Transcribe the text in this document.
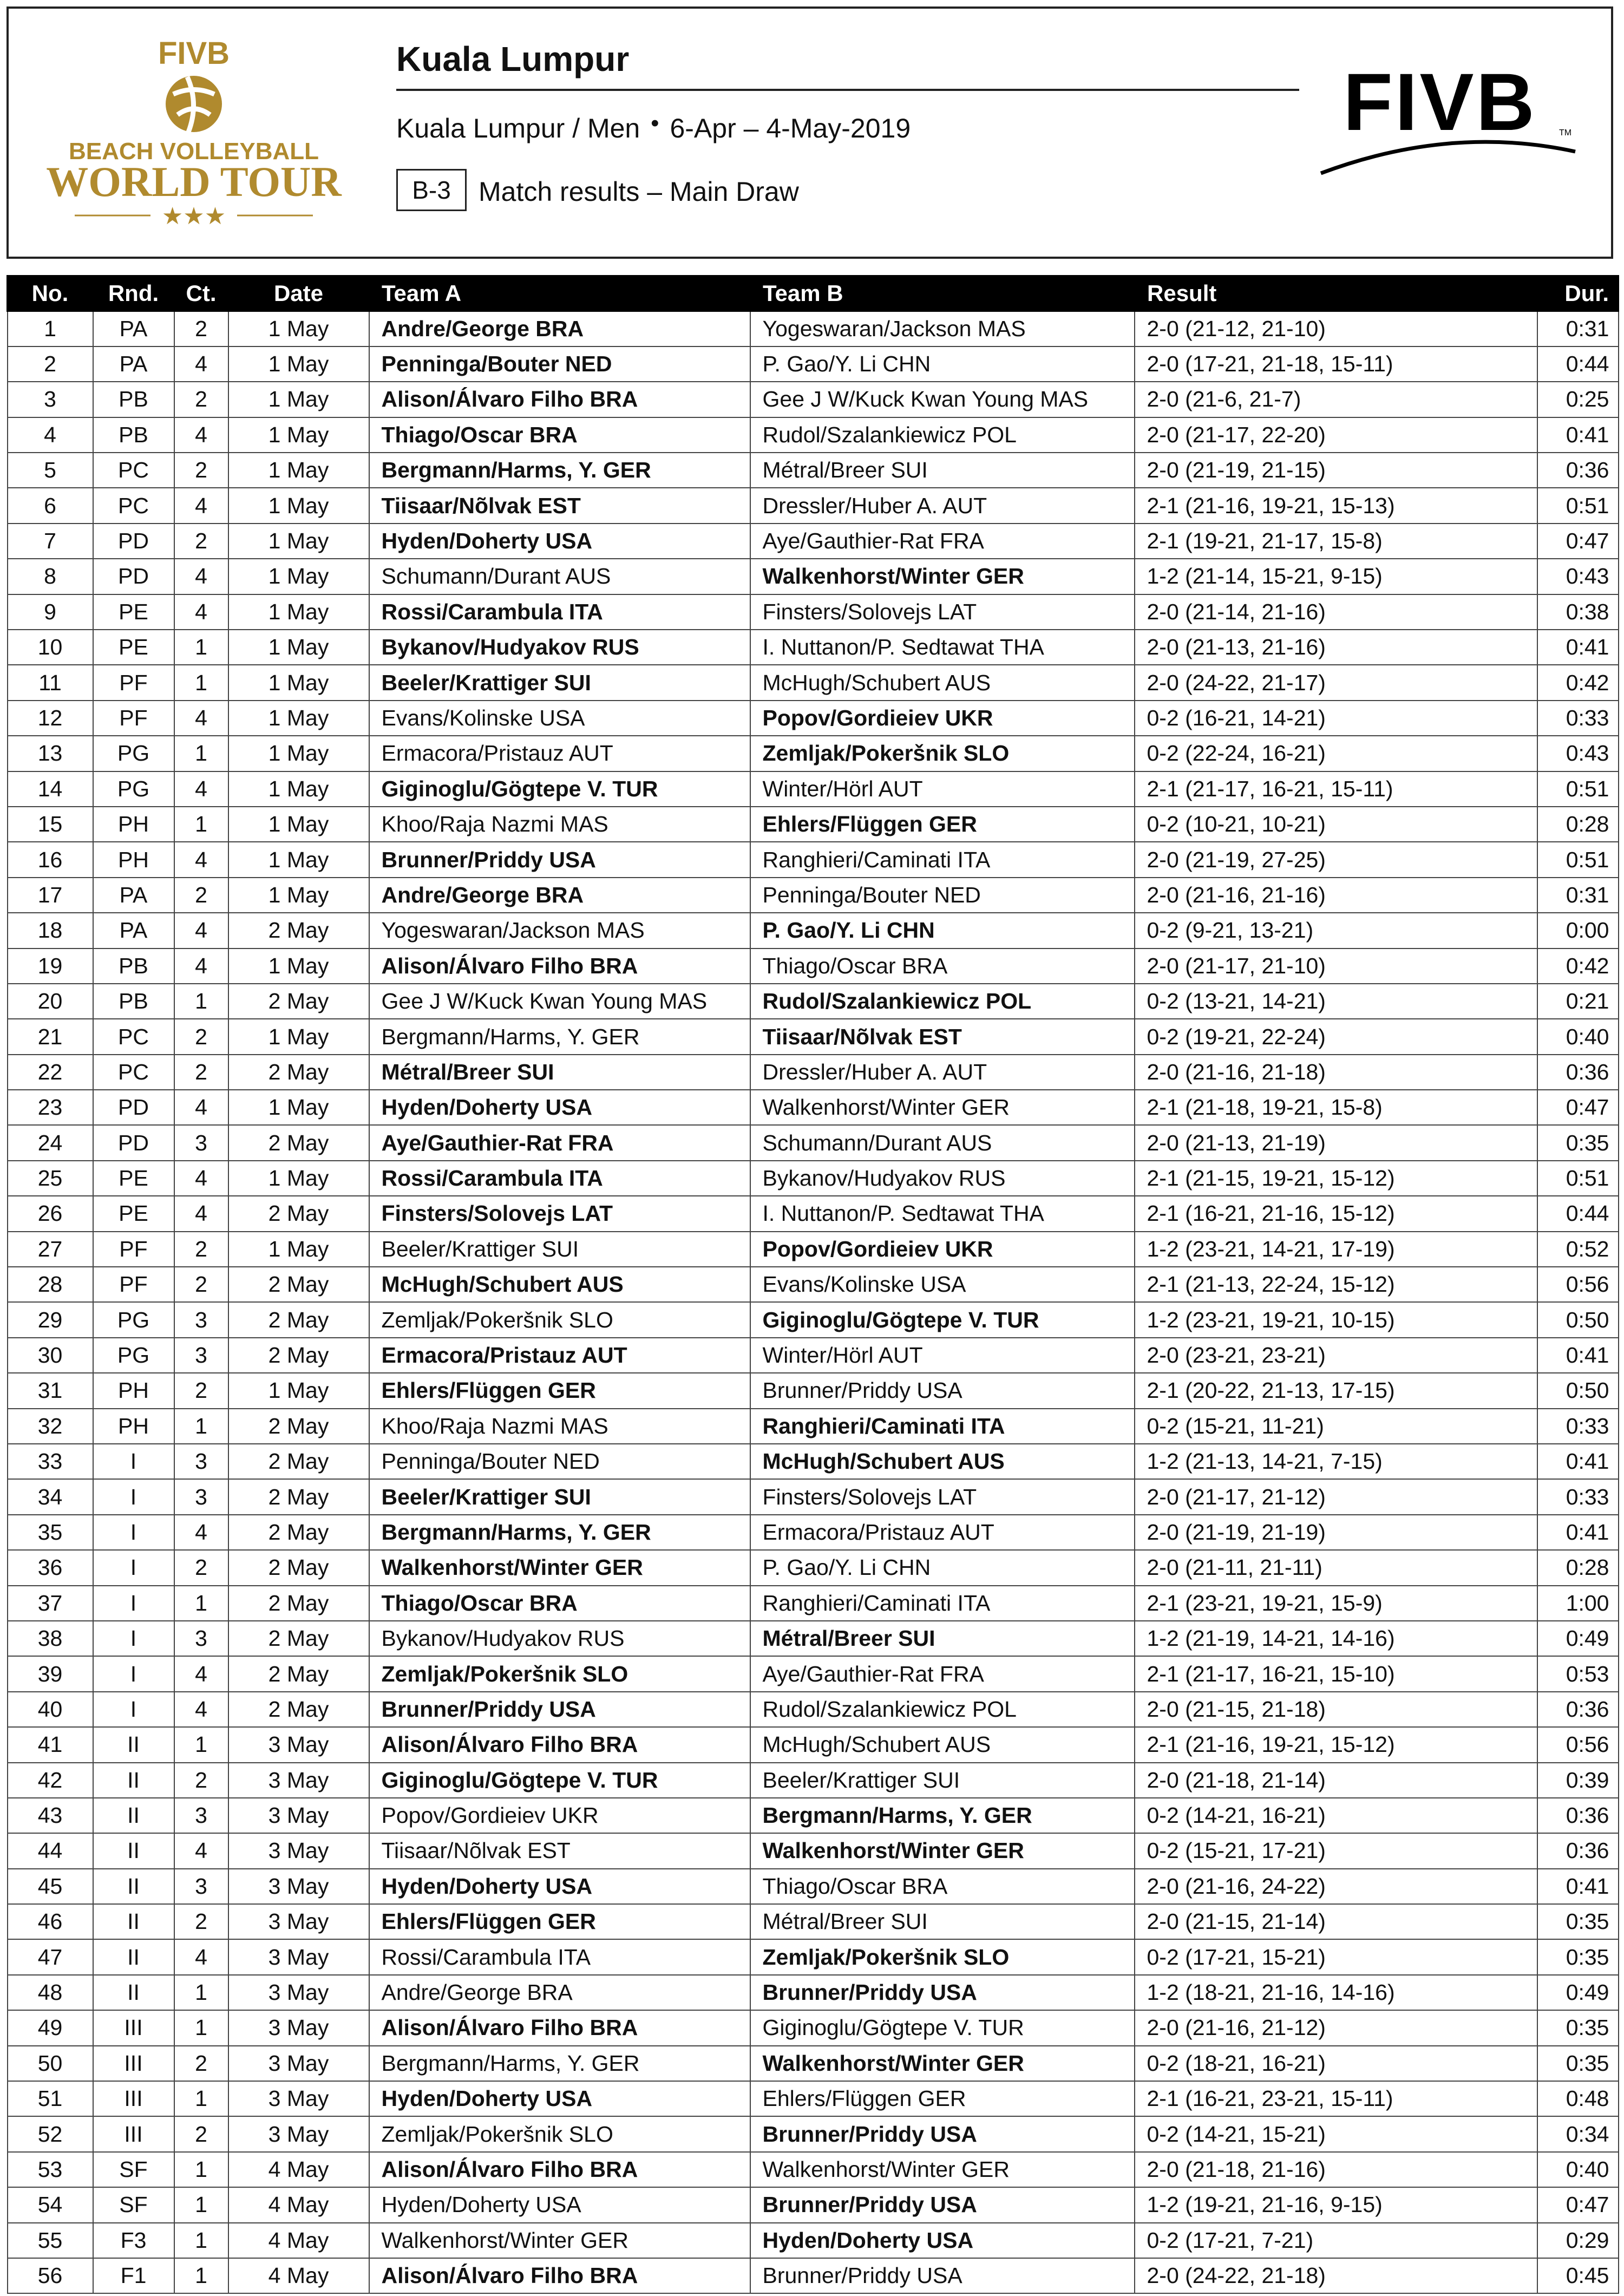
FIVB
BEACH VOLLEYBALL
WORLD TOUR
★★★
Kuala Lumpur
Kuala Lumpur / Men • 6-Apr – 4-May-2019
B-3	Match results – Main Draw
FIVB	TM
No.	Rnd.	Ct.	Date	Team A	Team B	Result	Dur.
1	PA	2	1 May	Andre/George BRA	Yogeswaran/Jackson MAS	2-0 (21-12, 21-10)	0:31
2	PA	4	1 May	Penninga/Bouter NED	P. Gao/Y. Li CHN	2-0 (17-21, 21-18, 15-11)	0:44
3	PB	2	1 May	Alison/Álvaro Filho BRA	Gee J W/Kuck Kwan Young MAS	2-0 (21-6, 21-7)	0:25
4	PB	4	1 May	Thiago/Oscar BRA	Rudol/Szalankiewicz POL	2-0 (21-17, 22-20)	0:41
5	PC	2	1 May	Bergmann/Harms, Y. GER	Métral/Breer SUI	2-0 (21-19, 21-15)	0:36
6	PC	4	1 May	Tiisaar/Nõlvak EST	Dressler/Huber A. AUT	2-1 (21-16, 19-21, 15-13)	0:51
7	PD	2	1 May	Hyden/Doherty USA	Aye/Gauthier-Rat FRA	2-1 (19-21, 21-17, 15-8)	0:47
8	PD	4	1 May	Schumann/Durant AUS	Walkenhorst/Winter GER	1-2 (21-14, 15-21, 9-15)	0:43
9	PE	4	1 May	Rossi/Carambula ITA	Finsters/Solovejs LAT	2-0 (21-14, 21-16)	0:38
10	PE	1	1 May	Bykanov/Hudyakov RUS	I. Nuttanon/P. Sedtawat THA	2-0 (21-13, 21-16)	0:41
11	PF	1	1 May	Beeler/Krattiger SUI	McHugh/Schubert AUS	2-0 (24-22, 21-17)	0:42
12	PF	4	1 May	Evans/Kolinske USA	Popov/Gordieiev UKR	0-2 (16-21, 14-21)	0:33
13	PG	1	1 May	Ermacora/Pristauz AUT	Zemljak/Pokeršnik SLO	0-2 (22-24, 16-21)	0:43
14	PG	4	1 May	Giginoglu/Gögtepe V. TUR	Winter/Hörl AUT	2-1 (21-17, 16-21, 15-11)	0:51
15	PH	1	1 May	Khoo/Raja Nazmi MAS	Ehlers/Flüggen GER	0-2 (10-21, 10-21)	0:28
16	PH	4	1 May	Brunner/Priddy USA	Ranghieri/Caminati ITA	2-0 (21-19, 27-25)	0:51
17	PA	2	1 May	Andre/George BRA	Penninga/Bouter NED	2-0 (21-16, 21-16)	0:31
18	PA	4	2 May	Yogeswaran/Jackson MAS	P. Gao/Y. Li CHN	0-2 (9-21, 13-21)	0:00
19	PB	4	1 May	Alison/Álvaro Filho BRA	Thiago/Oscar BRA	2-0 (21-17, 21-10)	0:42
20	PB	1	2 May	Gee J W/Kuck Kwan Young MAS	Rudol/Szalankiewicz POL	0-2 (13-21, 14-21)	0:21
21	PC	2	1 May	Bergmann/Harms, Y. GER	Tiisaar/Nõlvak EST	0-2 (19-21, 22-24)	0:40
22	PC	2	2 May	Métral/Breer SUI	Dressler/Huber A. AUT	2-0 (21-16, 21-18)	0:36
23	PD	4	1 May	Hyden/Doherty USA	Walkenhorst/Winter GER	2-1 (21-18, 19-21, 15-8)	0:47
24	PD	3	2 May	Aye/Gauthier-Rat FRA	Schumann/Durant AUS	2-0 (21-13, 21-19)	0:35
25	PE	4	1 May	Rossi/Carambula ITA	Bykanov/Hudyakov RUS	2-1 (21-15, 19-21, 15-12)	0:51
26	PE	4	2 May	Finsters/Solovejs LAT	I. Nuttanon/P. Sedtawat THA	2-1 (16-21, 21-16, 15-12)	0:44
27	PF	2	1 May	Beeler/Krattiger SUI	Popov/Gordieiev UKR	1-2 (23-21, 14-21, 17-19)	0:52
28	PF	2	2 May	McHugh/Schubert AUS	Evans/Kolinske USA	2-1 (21-13, 22-24, 15-12)	0:56
29	PG	3	2 May	Zemljak/Pokeršnik SLO	Giginoglu/Gögtepe V. TUR	1-2 (23-21, 19-21, 10-15)	0:50
30	PG	3	2 May	Ermacora/Pristauz AUT	Winter/Hörl AUT	2-0 (23-21, 23-21)	0:41
31	PH	2	1 May	Ehlers/Flüggen GER	Brunner/Priddy USA	2-1 (20-22, 21-13, 17-15)	0:50
32	PH	1	2 May	Khoo/Raja Nazmi MAS	Ranghieri/Caminati ITA	0-2 (15-21, 11-21)	0:33
33	I	3	2 May	Penninga/Bouter NED	McHugh/Schubert AUS	1-2 (21-13, 14-21, 7-15)	0:41
34	I	3	2 May	Beeler/Krattiger SUI	Finsters/Solovejs LAT	2-0 (21-17, 21-12)	0:33
35	I	4	2 May	Bergmann/Harms, Y. GER	Ermacora/Pristauz AUT	2-0 (21-19, 21-19)	0:41
36	I	2	2 May	Walkenhorst/Winter GER	P. Gao/Y. Li CHN	2-0 (21-11, 21-11)	0:28
37	I	1	2 May	Thiago/Oscar BRA	Ranghieri/Caminati ITA	2-1 (23-21, 19-21, 15-9)	1:00
38	I	3	2 May	Bykanov/Hudyakov RUS	Métral/Breer SUI	1-2 (21-19, 14-21, 14-16)	0:49
39	I	4	2 May	Zemljak/Pokeršnik SLO	Aye/Gauthier-Rat FRA	2-1 (21-17, 16-21, 15-10)	0:53
40	I	4	2 May	Brunner/Priddy USA	Rudol/Szalankiewicz POL	2-0 (21-15, 21-18)	0:36
41	II	1	3 May	Alison/Álvaro Filho BRA	McHugh/Schubert AUS	2-1 (21-16, 19-21, 15-12)	0:56
42	II	2	3 May	Giginoglu/Gögtepe V. TUR	Beeler/Krattiger SUI	2-0 (21-18, 21-14)	0:39
43	II	3	3 May	Popov/Gordieiev UKR	Bergmann/Harms, Y. GER	0-2 (14-21, 16-21)	0:36
44	II	4	3 May	Tiisaar/Nõlvak EST	Walkenhorst/Winter GER	0-2 (15-21, 17-21)	0:36
45	II	3	3 May	Hyden/Doherty USA	Thiago/Oscar BRA	2-0 (21-16, 24-22)	0:41
46	II	2	3 May	Ehlers/Flüggen GER	Métral/Breer SUI	2-0 (21-15, 21-14)	0:35
47	II	4	3 May	Rossi/Carambula ITA	Zemljak/Pokeršnik SLO	0-2 (17-21, 15-21)	0:35
48	II	1	3 May	Andre/George BRA	Brunner/Priddy USA	1-2 (18-21, 21-16, 14-16)	0:49
49	III	1	3 May	Alison/Álvaro Filho BRA	Giginoglu/Gögtepe V. TUR	2-0 (21-16, 21-12)	0:35
50	III	2	3 May	Bergmann/Harms, Y. GER	Walkenhorst/Winter GER	0-2 (18-21, 16-21)	0:35
51	III	1	3 May	Hyden/Doherty USA	Ehlers/Flüggen GER	2-1 (16-21, 23-21, 15-11)	0:48
52	III	2	3 May	Zemljak/Pokeršnik SLO	Brunner/Priddy USA	0-2 (14-21, 15-21)	0:34
53	SF	1	4 May	Alison/Álvaro Filho BRA	Walkenhorst/Winter GER	2-0 (21-18, 21-16)	0:40
54	SF	1	4 May	Hyden/Doherty USA	Brunner/Priddy USA	1-2 (19-21, 21-16, 9-15)	0:47
55	F3	1	4 May	Walkenhorst/Winter GER	Hyden/Doherty USA	0-2 (17-21, 7-21)	0:29
56	F1	1	4 May	Alison/Álvaro Filho BRA	Brunner/Priddy USA	2-0 (24-22, 21-18)	0:45
